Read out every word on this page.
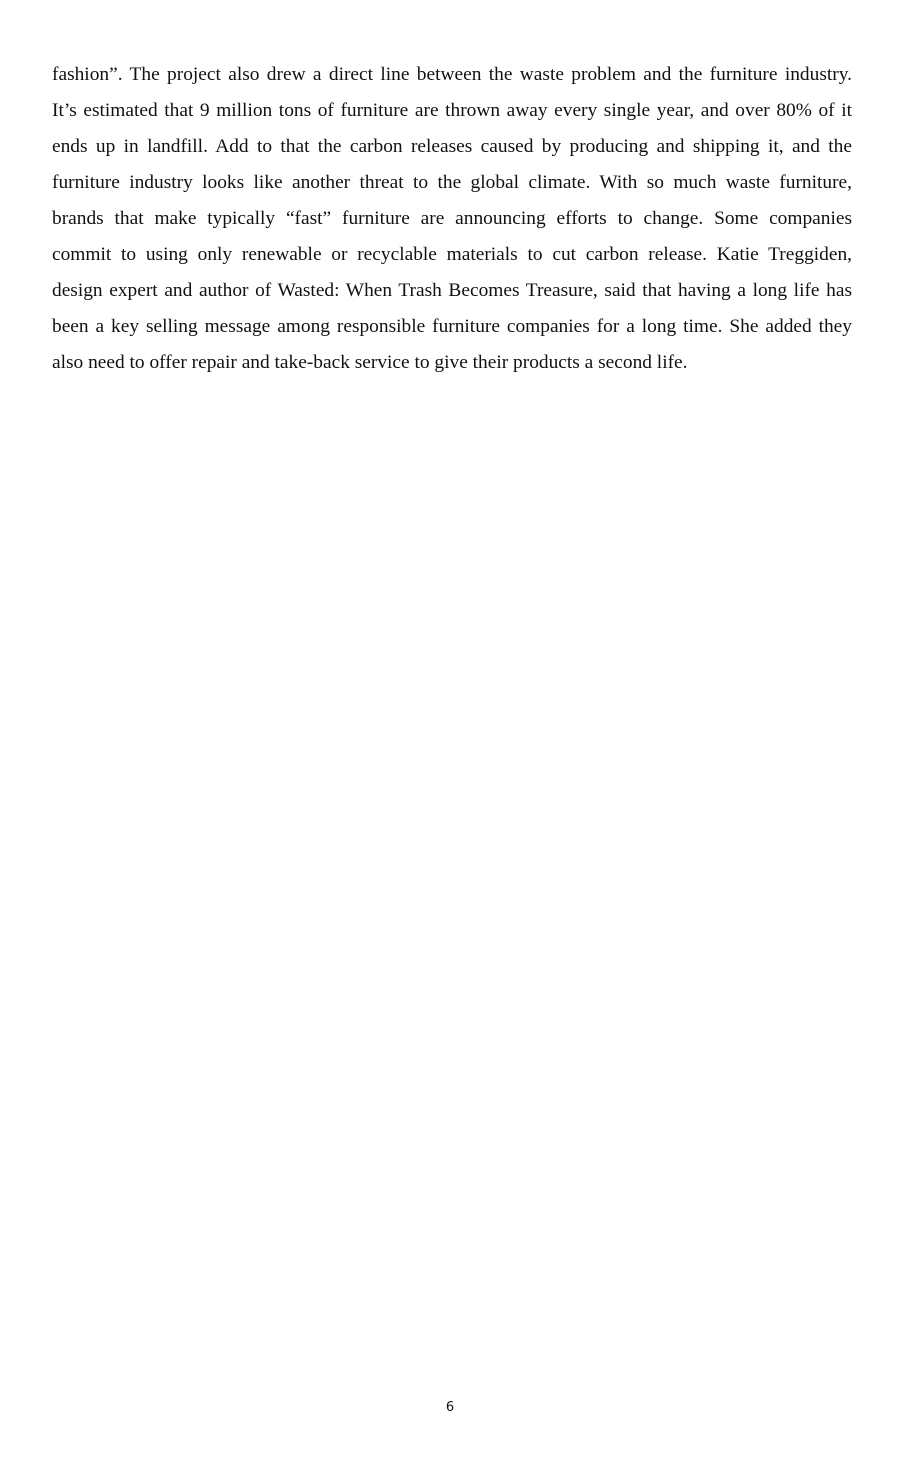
fashion”. The project also drew a direct line between the waste problem and the furniture industry.
It’s estimated that 9 million tons of furniture are thrown away every single year, and over 80% of it
ends up in landfill. Add to that the carbon releases caused by producing and shipping it, and the
furniture industry looks like another threat to the global climate. With so much waste furniture,
brands that make typically “fast” furniture are announcing efforts to change. Some companies
commit to using only renewable or recyclable materials to cut carbon release. Katie Treggiden,
design expert and author of Wasted: When Trash Becomes Treasure, said that having a long life has
been a key selling message among responsible furniture companies for a long time. She added they
also need to offer repair and take-back service to give their products a second life.

6
